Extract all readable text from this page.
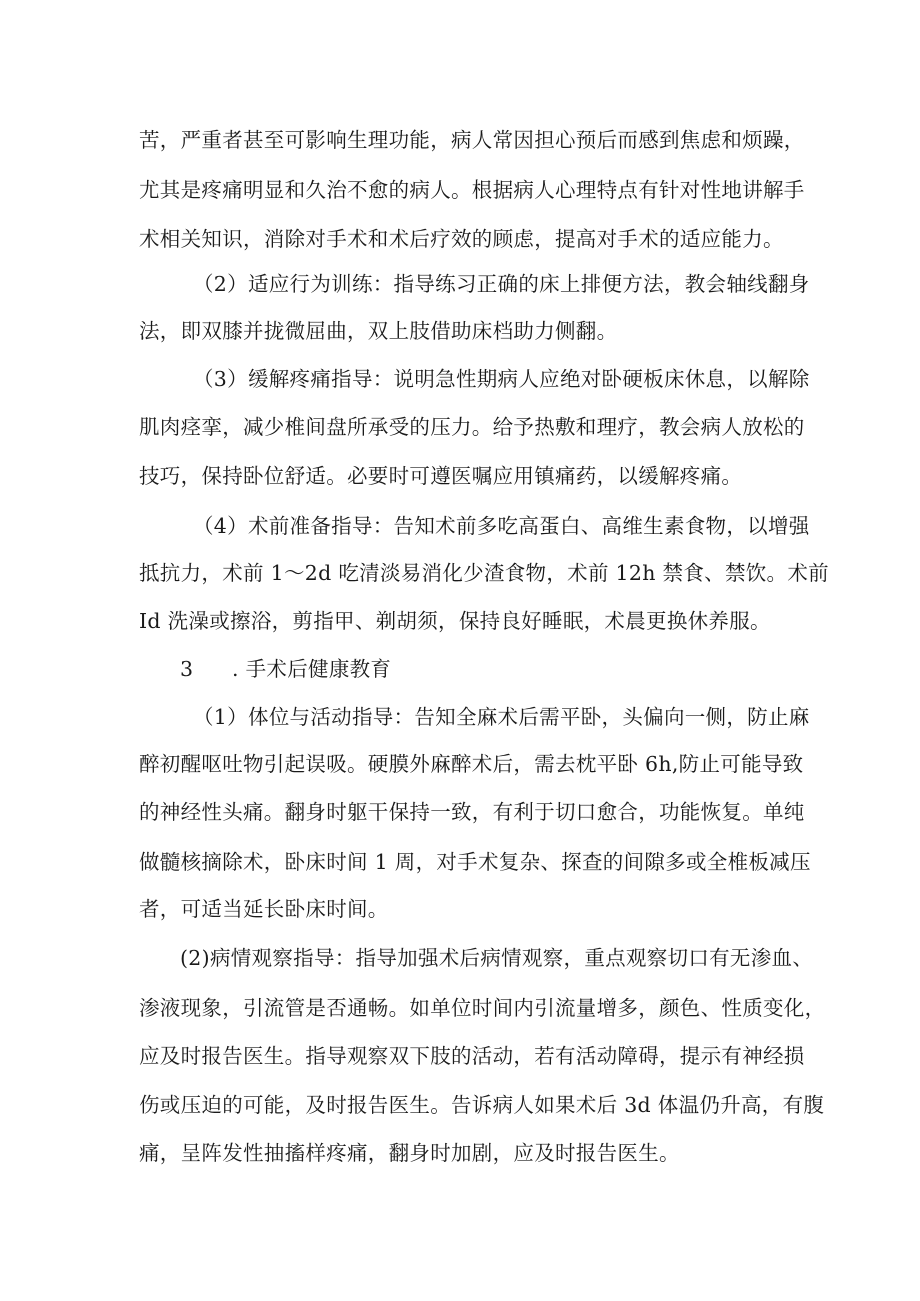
苦，严重者甚至可影响生理功能，病人常因担心预后而感到焦虑和烦躁，
尤其是疼痛明显和久治不愈的病人。根据病人心理特点有针对性地讲解手
术相关知识，消除对手术和术后疗效的顾虑，提高对手术的适应能力。
（2）适应行为训练：指导练习正确的床上排便方法，教会轴线翻身
法，即双膝并拢微屈曲，双上肢借助床档助力侧翻。
（3）缓解疼痛指导：说明急性期病人应绝对卧硬板床休息，以解除
肌肉痉挛，减少椎间盘所承受的压力。给予热敷和理疗，教会病人放松的
技巧，保持卧位舒适。必要时可遵医嘱应用镇痛药，以缓解疼痛。
（4）术前准备指导：告知术前多吃高蛋白、高维生素食物，以增强
抵抗力，术前 1～2d 吃清淡易消化少渣食物，术前 12h 禁食、禁饮。术前
Id 洗澡或擦浴，剪指甲、剃胡须，保持良好睡眠，术晨更换休养服。
3 . 手术后健康教育
（1）体位与活动指导：告知全麻术后需平卧，头偏向一侧，防止麻
醉初醒呕吐物引起误吸。硬膜外麻醉术后，需去枕平卧 6h,防止可能导致
的神经性头痛。翻身时躯干保持一致，有利于切口愈合，功能恢复。单纯
做髓核摘除术，卧床时间 1 周，对手术复杂、探查的间隙多或全椎板减压
者，可适当延长卧床时间。
(2)病情观察指导：指导加强术后病情观察，重点观察切口有无渗血、
渗液现象，引流管是否通畅。如单位时间内引流量增多，颜色、性质变化，
应及时报告医生。指导观察双下肢的活动，若有活动障碍，提示有神经损
伤或压迫的可能，及时报告医生。告诉病人如果术后 3d 体温仍升高，有腹
痛，呈阵发性抽搐样疼痛，翻身时加剧，应及时报告医生。
